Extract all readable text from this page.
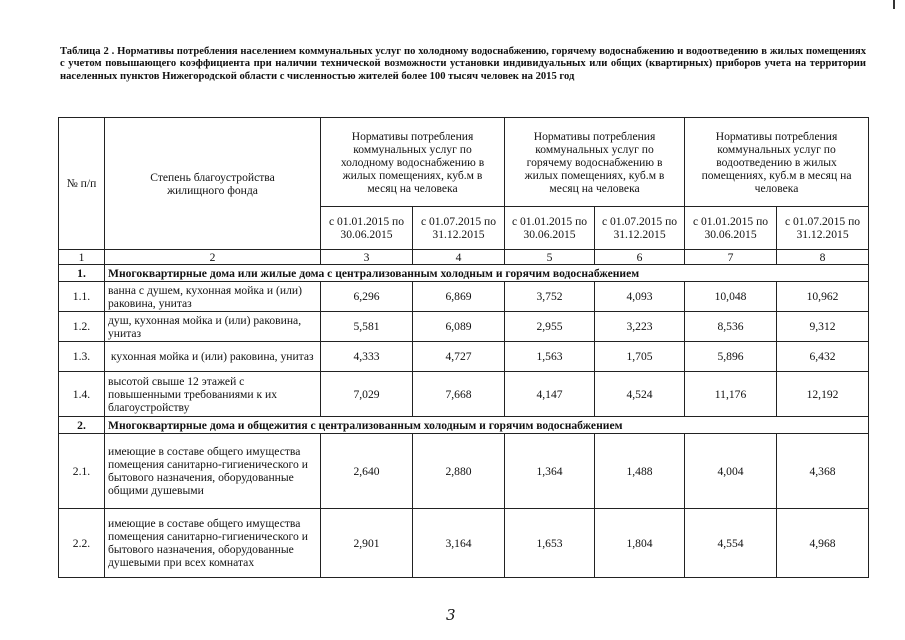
Таблица 2 . Нормативы потребления населением коммунальных услуг по холодному водоснабжению, горячему водоснабжению и водоотведению в жилых помещениях с учетом повышающего коэффициента при наличии технической возможности установки индивидуальных или общих (квартирных) приборов учета на территории населенных пунктов Нижегородской области с численностью жителей более 100 тысяч человек на 2015 год
№ п/п	Степень благоустройства жилищного фонда	Нормативы потребления коммунальных услуг по холодному водоснабжению в жилых помещениях, куб.м в месяц на человека		Нормативы потребления коммунальных услуг по горячему водоснабжению в жилых помещениях, куб.м в месяц на человека		Нормативы потребления коммунальных услуг по водоотведению в жилых помещениях, куб.м в месяц на человека	

		с 01.01.2015 по 30.06.2015	с 01.07.2015 по 31.12.2015	с 01.01.2015 по 30.06.2015	с 01.07.2015 по 31.12.2015	с 01.01.2015 по 30.06.2015	с 01.07.2015 по 31.12.2015
1	2	3	4	5	6	7	8
1.	Многоквартирные дома или жилые дома с централизованным холодным и горячим водоснабжением						
1.1.	ванна с душем, кухонная мойка и (или) раковина, унитаз	6,296	6,869	3,752	4,093	10,048	10,962
1.2.	душ, кухонная мойка и (или) раковина, унитаз	5,581	6,089	2,955	3,223	8,536	9,312
1.3.	кухонная мойка и (или) раковина, унитаз	4,333	4,727	1,563	1,705	5,896	6,432
1.4.	высотой свыше 12 этажей с повышенными требованиями к их благоустройству	7,029	7,668	4,147	4,524	11,176	12,192
2.	Многоквартирные дома и общежития с централизованным холодным и горячим водоснабжением						
2.1.	имеющие в составе общего имущества помещения санитарно-гигиенического и бытового назначения, оборудованные общими душевыми	2,640	2,880	1,364	1,488	4,004	4,368
2.2.	имеющие в составе общего имущества помещения санитарно-гигиенического и бытового назначения, оборудованные душевыми при всех комнатах	2,901	3,164	1,653	1,804	4,554	4,968
3
